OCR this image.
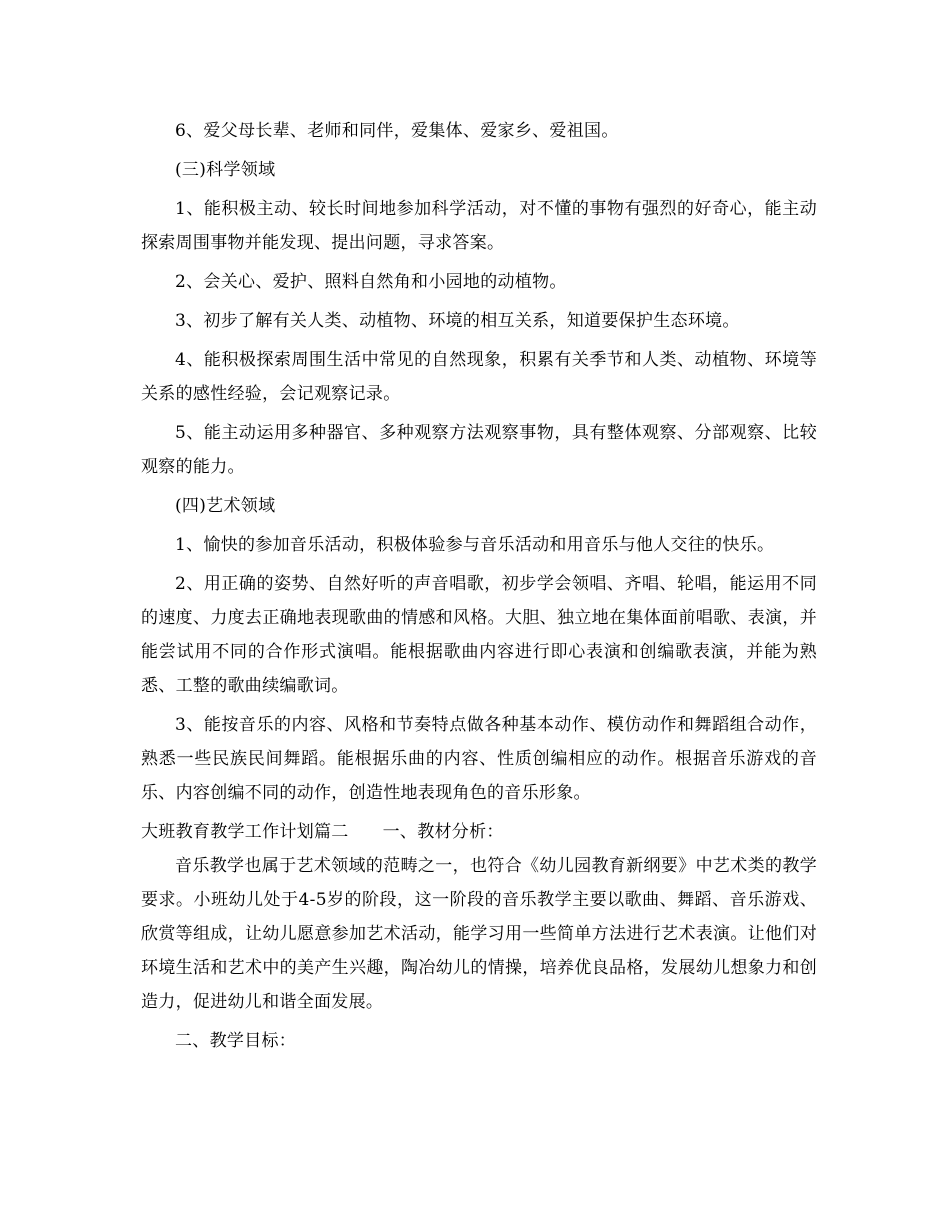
6、爱父母长辈、老师和同伴，爱集体、爱家乡、爱祖国。

(三)科学领域

1、能积极主动、较长时间地参加科学活动，对不懂的事物有强烈的好奇心，能主动探索周围事物并能发现、提出问题，寻求答案。

2、会关心、爱护、照料自然角和小园地的动植物。

3、初步了解有关人类、动植物、环境的相互关系，知道要保护生态环境。

4、能积极探索周围生活中常见的自然现象，积累有关季节和人类、动植物、环境等关系的感性经验，会记观察记录。

5、能主动运用多种器官、多种观察方法观察事物，具有整体观察、分部观察、比较观察的能力。

(四)艺术领域

1、愉快的参加音乐活动，积极体验参与音乐活动和用音乐与他人交往的快乐。

2、用正确的姿势、自然好听的声音唱歌，初步学会领唱、齐唱、轮唱，能运用不同的速度、力度去正确地表现歌曲的情感和风格。大胆、独立地在集体面前唱歌、表演，并能尝试用不同的合作形式演唱。能根据歌曲内容进行即心表演和创编歌表演，并能为熟悉、工整的歌曲续编歌词。

3、能按音乐的内容、风格和节奏特点做各种基本动作、模仿动作和舞蹈组合动作，熟悉一些民族民间舞蹈。能根据乐曲的内容、性质创编相应的动作。根据音乐游戏的音乐、内容创编不同的动作，创造性地表现角色的音乐形象。

大班教育教学工作计划篇二 一、教材分析：

音乐教学也属于艺术领域的范畴之一，也符合《幼儿园教育新纲要》中艺术类的教学要求。小班幼儿处于4-5岁的阶段，这一阶段的音乐教学主要以歌曲、舞蹈、音乐游戏、欣赏等组成，让幼儿愿意参加艺术活动，能学习用一些简单方法进行艺术表演。让他们对环境生活和艺术中的美产生兴趣，陶冶幼儿的情操，培养优良品格，发展幼儿想象力和创造力，促进幼儿和谐全面发展。

二、教学目标：
